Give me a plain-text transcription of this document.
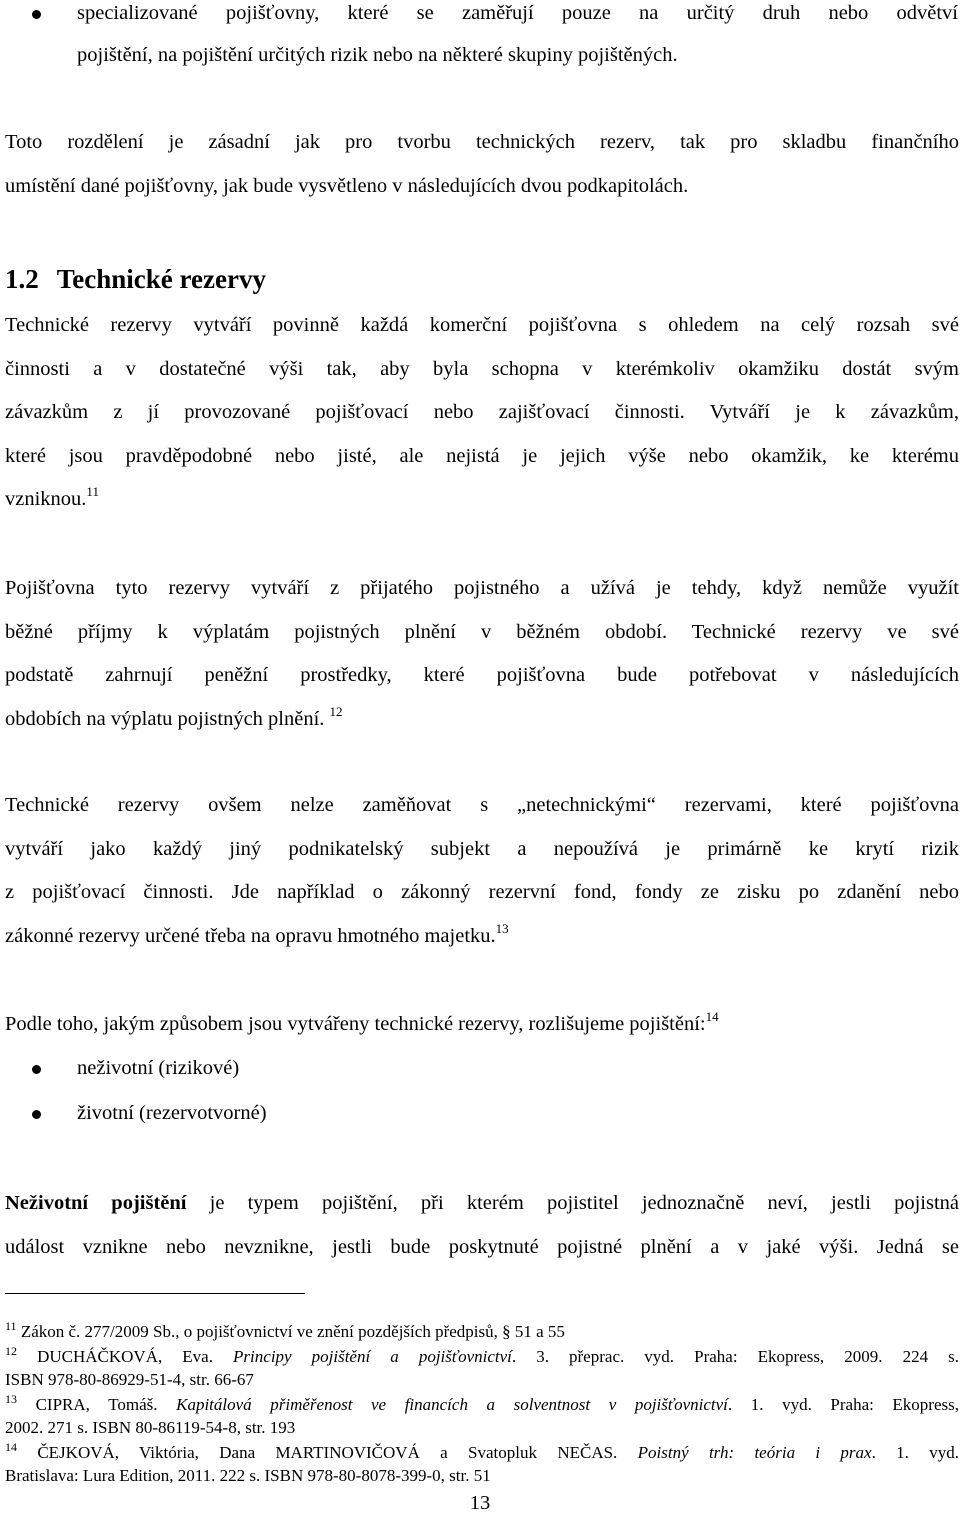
specializované pojišťovny, které se zaměřují pouze na určitý druh nebo odvětví
pojištění, na pojištění určitých rizik nebo na některé skupiny pojištěných.
Toto rozdělení je zásadní jak pro tvorbu technických rezerv, tak pro skladbu finančního
umístění dané pojišťovny, jak bude vysvětleno v následujících dvou podkapitolách.
1.2 Technické rezervy
Technické rezervy vytváří povinně každá komerční pojišťovna s ohledem na celý rozsah své
činnosti a v dostatečné výši tak, aby byla schopna v kterémkoliv okamžiku dostát svým
závazkům z jí provozované pojišťovací nebo zajišťovací činnosti. Vytváří je k závazkům,
které jsou pravděpodobné nebo jisté, ale nejistá je jejich výše nebo okamžik, ke kterému
vzniknou.$^{11}$
Pojišťovna tyto rezervy vytváří z přijatého pojistného a užívá je tehdy, když nemůže využít
běžné příjmy k výplatám pojistných plnění v běžném období. Technické rezervy ve své
podstatě zahrnují peněžní prostředky, které pojišťovna bude potřebovat v následujících
obdobích na výplatu pojistných plnění. $^{12}$
Technické rezervy ovšem nelze zaměňovat s „netechnickými“ rezervami, které pojišťovna
vytváří jako každý jiný podnikatelský subjekt a nepoužívá je primárně ke krytí rizik
z pojišťovací činnosti. Jde například o zákonný rezervní fond, fondy ze zisku po zdanění nebo
zákonné rezervy určené třeba na opravu hmotného majetku.$^{13}$
Podle toho, jakým způsobem jsou vytvářeny technické rezervy, rozlišujeme pojištění:$^{14}$
neživotní (rizikové)
životní (rezervotvorné)
Neživotní pojištění je typem pojištění, při kterém pojistitel jednoznačně neví, jestli pojistná
událost vznikne nebo nevznikne, jestli bude poskytnuté pojistné plnění a v jaké výši. Jedná se
$^{11}$ Zákon č. 277/2009 Sb., o pojišťovnictví ve znění pozdějších předpisů, § 51 a 55
$^{12}$ DUCHÁČKOVÁ, Eva. Principy pojištění a pojišťovnictví. 3. přeprac. vyd. Praha: Ekopress, 2009. 224 s.
ISBN 978-80-86929-51-4, str. 66-67
$^{13}$ CIPRA, Tomáš. Kapitálová přiměřenost ve financích a solventnost v pojišťovnictví. 1. vyd. Praha: Ekopress,
2002. 271 s. ISBN 80-86119-54-8, str. 193
$^{14}$ ČEJKOVÁ, Viktória, Dana MARTINOVIČOVÁ a Svatopluk NEČAS. Poistný trh: teória i prax. 1. vyd.
Bratislava: Lura Edition, 2011. 222 s. ISBN 978-80-8078-399-0, str. 51
13
